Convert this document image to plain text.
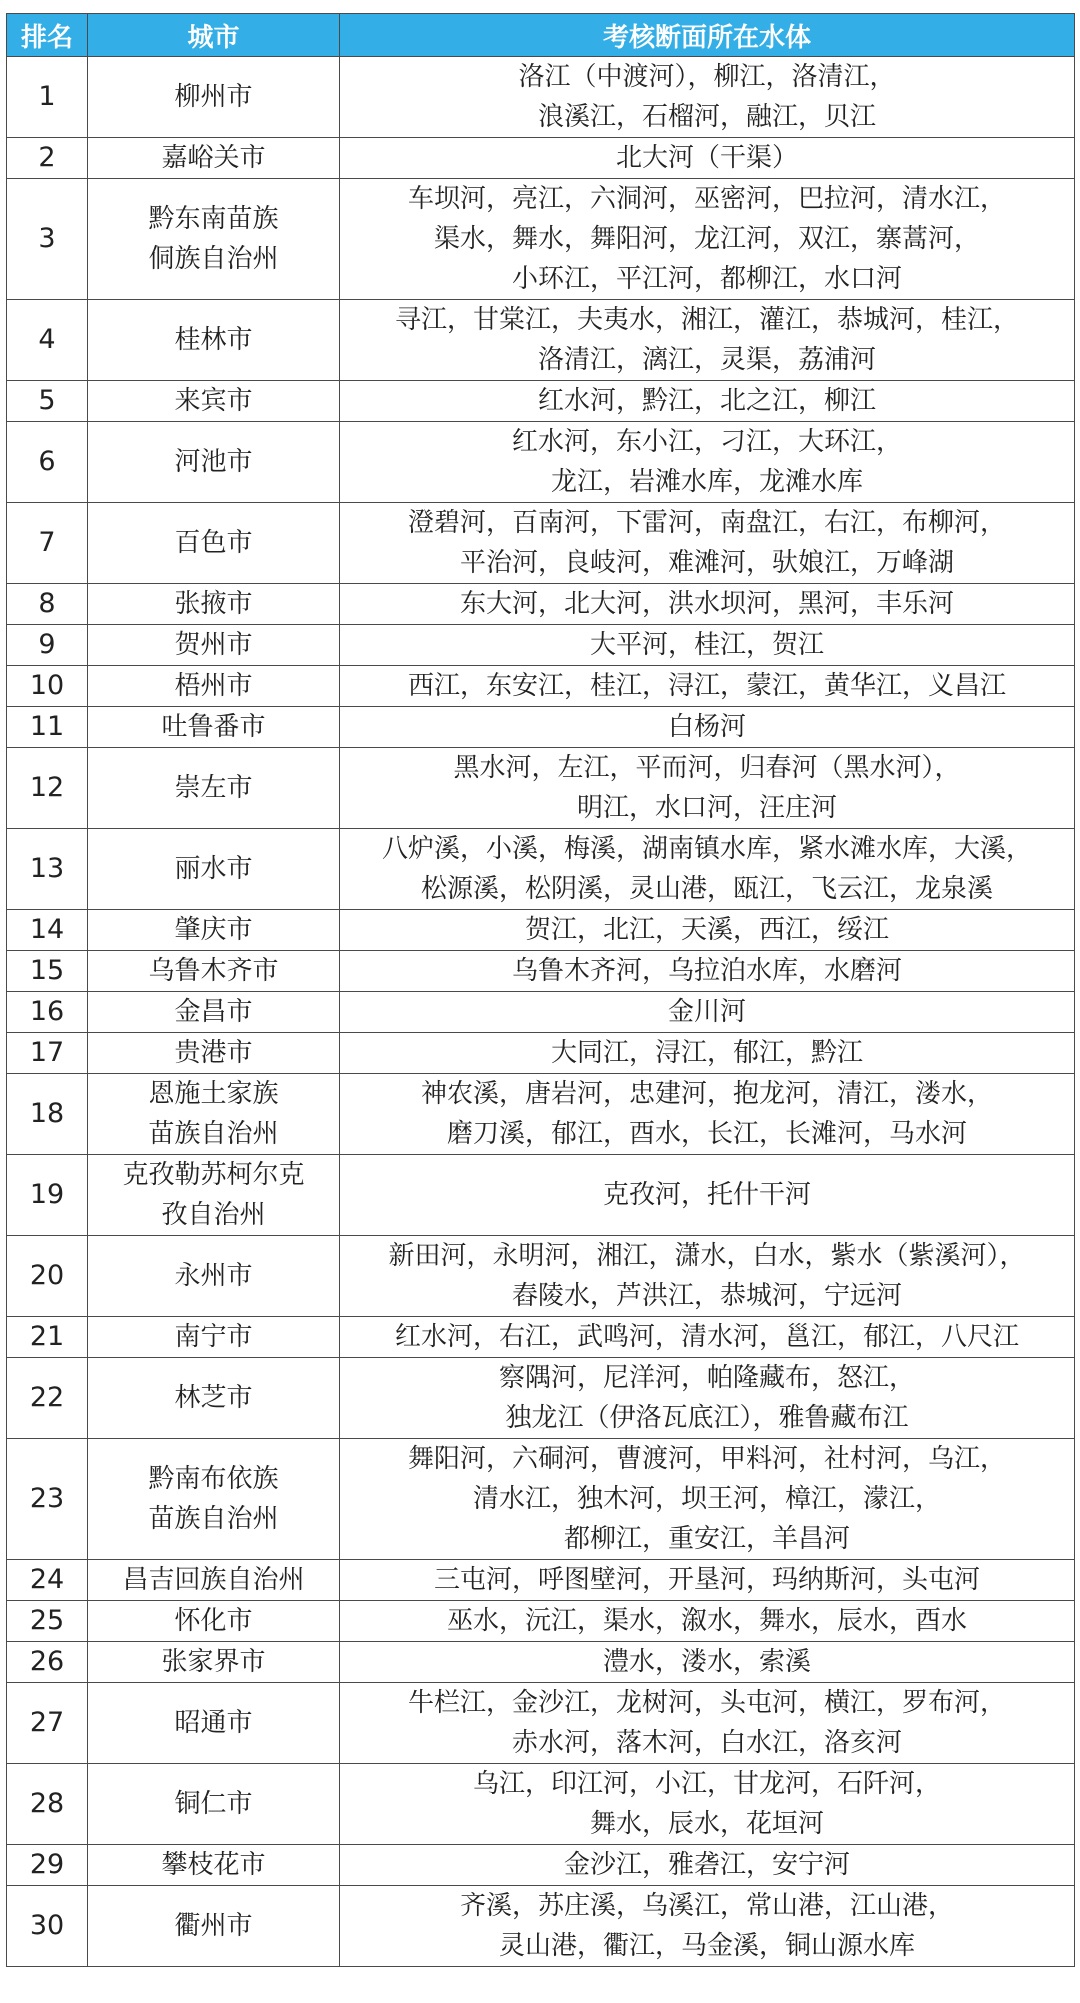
排名	城市	考核断面所在水体
1	柳州市	洛江（中渡河），柳江，洛清江，
浪溪江，石榴河，融江，贝江

2	嘉峪关市	北大河（干渠）

3	黔东南苗族
侗族自治州	车坝河，亮江，六洞河，巫密河，巴拉河，清水江，
渠水，舞水，舞阳河，龙江河，双江，寨蒿河，
小环江，平江河，都柳江，水口河

4	桂林市	寻江，甘棠江，夫夷水，湘江，灌江，恭城河，桂江，
洛清江，漓江，灵渠，荔浦河

5	来宾市	红水河，黔江，北之江，柳江

6	河池市	红水河，东小江，刁江，大环江，
龙江，岩滩水库，龙滩水库

7	百色市	澄碧河，百南河，下雷河，南盘江，右江，布柳河，
平治河，良岐河，难滩河，驮娘江，万峰湖

8	张掖市	东大河，北大河，洪水坝河，黑河，丰乐河

9	贺州市	大平河，桂江，贺江

10	梧州市	西江，东安江，桂江，浔江，蒙江，黄华江，义昌江

11	吐鲁番市	白杨河

12	崇左市	黑水河，左江，平而河，归春河（黑水河），
明江，水口河，汪庄河

13	丽水市	八炉溪，小溪，梅溪，湖南镇水库，紧水滩水库，大溪，
松源溪，松阴溪，灵山港，瓯江，飞云江，龙泉溪

14	肇庆市	贺江，北江，天溪，西江，绥江

15	乌鲁木齐市	乌鲁木齐河，乌拉泊水库，水磨河

16	金昌市	金川河

17	贵港市	大同江，浔江，郁江，黔江

18	恩施土家族
苗族自治州	神农溪，唐岩河，忠建河，抱龙河，清江，溇水，
磨刀溪，郁江，酉水，长江，长滩河，马水河

19	克孜勒苏柯尔克
孜自治州	克孜河，托什干河

20	永州市	新田河，永明河，湘江，潇水，白水，紫水（紫溪河），
舂陵水，芦洪江，恭城河，宁远河

21	南宁市	红水河，右江，武鸣河，清水河，邕江，郁江，八尺江

22	林芝市	察隅河，尼洋河，帕隆藏布，怒江，
独龙江（伊洛瓦底江），雅鲁藏布江

23	黔南布依族
苗族自治州	舞阳河，六硐河，曹渡河，甲料河，社村河，乌江，
清水江，独木河，坝王河，樟江，濛江，
都柳江，重安江，羊昌河

24	昌吉回族自治州	三屯河，呼图壁河，开垦河，玛纳斯河，头屯河

25	怀化市	巫水，沅江，渠水，溆水，舞水，辰水，酉水

26	张家界市	澧水，溇水，索溪

27	昭通市	牛栏江，金沙江，龙树河，头屯河，横江，罗布河，
赤水河，落木河，白水江，洛亥河

28	铜仁市	乌江，印江河，小江，甘龙河，石阡河，
舞水，辰水，花垣河

29	攀枝花市	金沙江，雅砻江，安宁河

30	衢州市	齐溪，苏庄溪，乌溪江，常山港，江山港，
灵山港，衢江，马金溪，铜山源水库
